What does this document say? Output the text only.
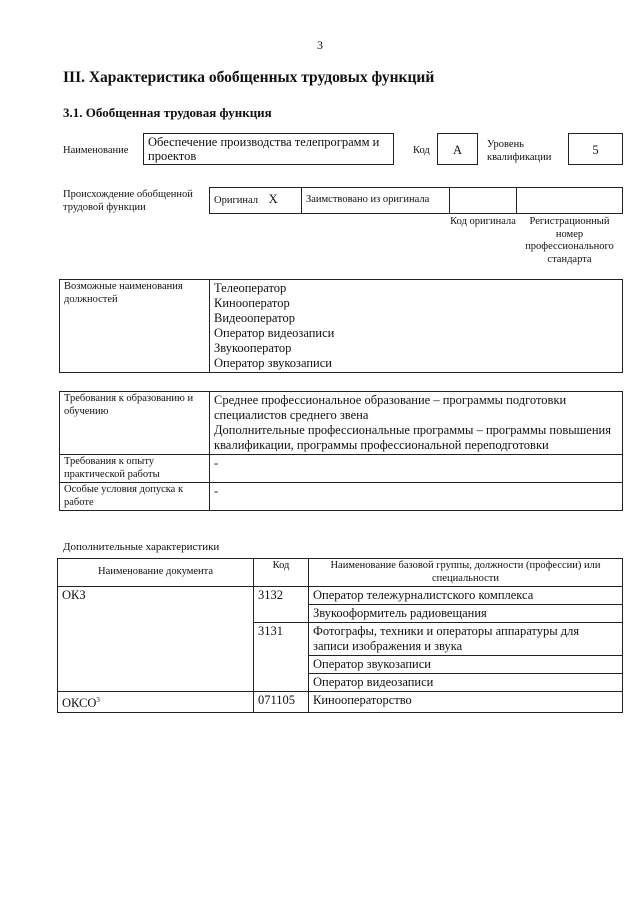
3
III. Характеристика обобщенных трудовых функций
3.1. Обобщенная трудовая функция
Наименование
Обеспечение производства телепрограмм и проектов	Код	А	Уровень квалификации	5
Происхождение обобщенной трудовой функции
Оригинал X	Заимствовано из оригинала		
Код оригинала	Регистрационный номер профессионального стандарта
Возможные наименования должностей	
Телеоператор
Кинооператор
Видеооператор
Оператор видеозаписи
Звукооператор
Оператор звукозаписи
Требования к образованию и обучению	Среднее профессиональное образование – программы подготовки специалистов среднего звена
Дополнительные профессиональные программы – программы повышения квалификации, программы профессиональной переподготовки

Требования к опыту практической работы	-
Особые условия допуска к работе	-
Дополнительные характеристики
Наименование документа	Код	Наименование базовой группы, должности (профессии) или специальности
ОКЗ	3132	Оператор тележурналистского комплекса
		Звукооформитель радиовещания
	3131	Фотографы, техники и операторы аппаратуры для записи изображения и звука
		Оператор звукозаписи
		Оператор видеозаписи
ОКСО$^3$	071105	Кинооператорство
